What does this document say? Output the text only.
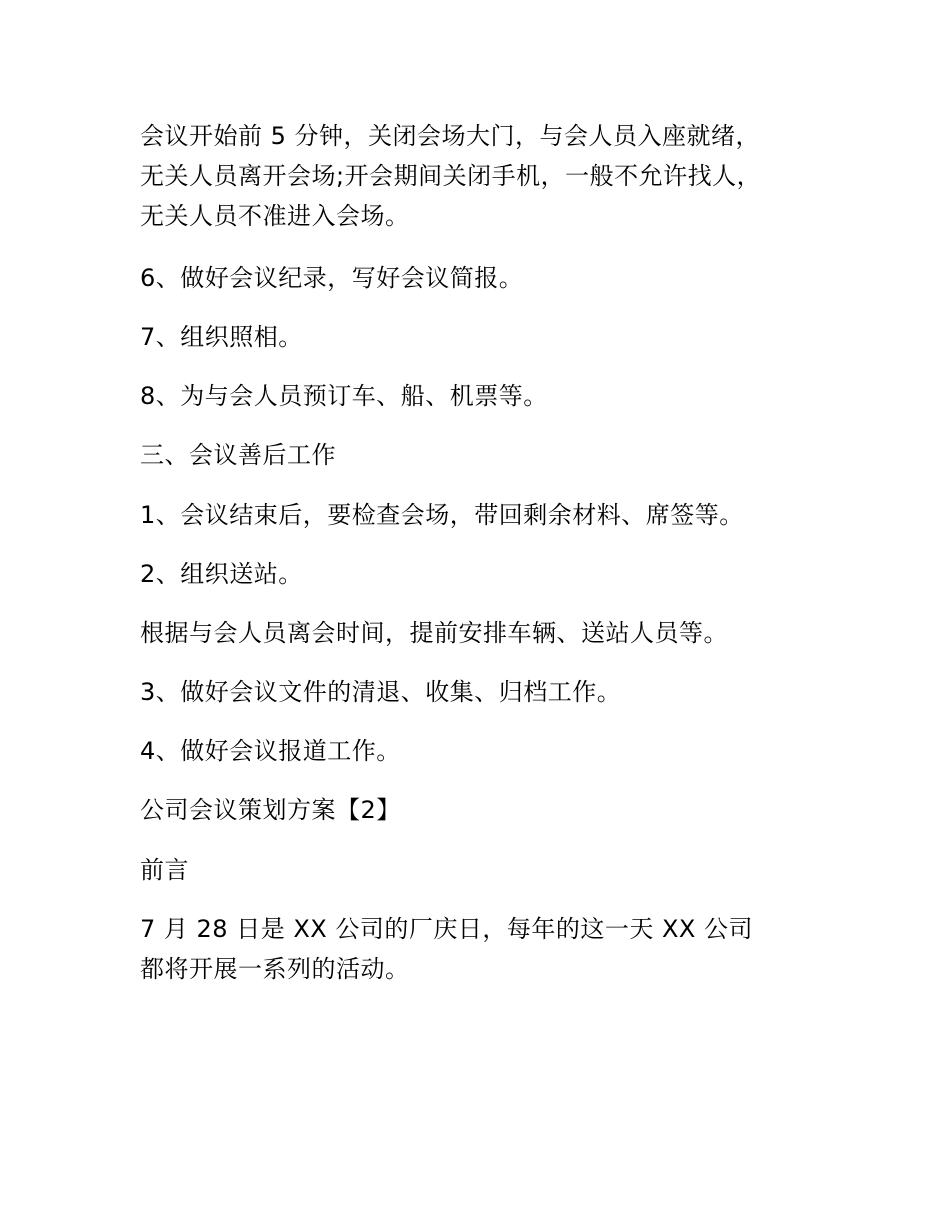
会议开始前 5 分钟，关闭会场大门，与会人员入座就绪，
无关人员离开会场;开会期间关闭手机，一般不允许找人，
无关人员不准进入会场。
6、做好会议纪录，写好会议简报。
7、组织照相。
8、为与会人员预订车、船、机票等。
三、会议善后工作
1、会议结束后，要检查会场，带回剩余材料、席签等。
2、组织送站。
根据与会人员离会时间，提前安排车辆、送站人员等。
3、做好会议文件的清退、收集、归档工作。
4、做好会议报道工作。
公司会议策划方案【2】
前言
7 月 28 日是 XX 公司的厂庆日，每年的这一天 XX 公司
都将开展一系列的活动。
